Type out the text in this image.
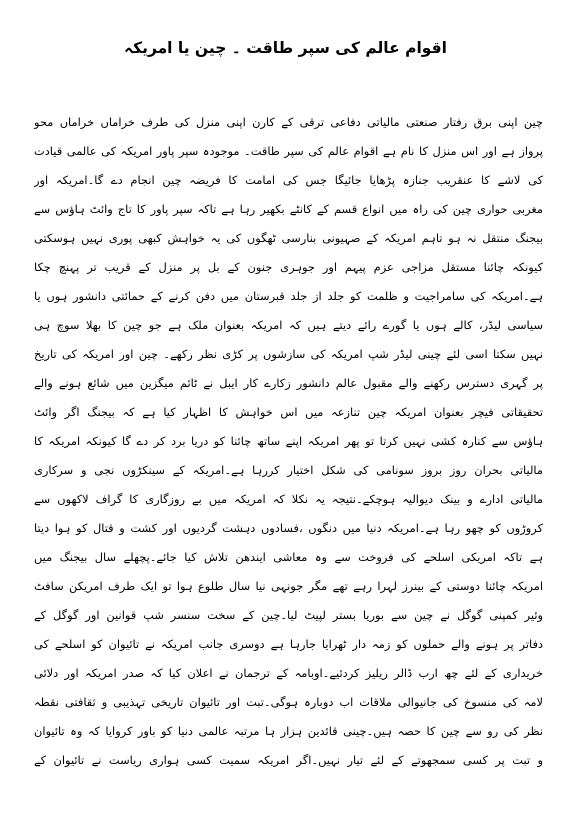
اقوام عالم کی سپر طاقت ۔ چین یا امریکہ
چین اپنی برق رفتار صنعتی مالیاتی دفاعی ترقی کے کارن اپنی منزل کی طرف خراماں خراماں محو
پرواز ہے اور اس منزل کا نام ہے اقوام عالم کی سپر طاقت۔ موجودہ سپر پاور امریکہ کی عالمی قیادت
کی لاشے کا عنقریب جنازہ پڑھایا جائیگا جس کی امامت کا فریضہ چین انجام دے گا۔امریکہ اور
مغربی حواری چین کی راہ میں انواع قسم کے کانٹے بکھیر رہا ہے تاکہ سپر پاور کا تاج وائٹ ہاؤس سے
بیجنگ منتقل نہ ہو تاہم امریکہ کے صہیونی بنارسی ٹھگوں کی یہ خواہش کبھی پوری نہیں ہوسکتی
کیونکہ چائنا مستقل مزاجی عزم پیہم اور جوہری جنون کے بل پر منزل کے قریب تر پہنچ چکا
ہے۔امریکہ کی سامراجیت و ظلمت کو جلد از جلد قبرستان میں دفن کرنے کے حمائتی دانشور ہوں یا
سیاسی لیڈر، کالے ہوں یا گورے رائے دیتے ہیں کہ امریکہ بعنوان ملک ہے جو چین کا بھلا سوچ ہی
نہیں سکتا اسی لئے چینی لیڈر شپ امریکہ کی سازشوں پر کڑی نظر رکھے۔ چین اور امریکہ کی تاریخ
پر گہری دسترس رکھنے والے مقبول عالم دانشور زکارے کار ایبل نے ٹائم میگزین میں شائع ہونے والے
تحقیقاتی فیچر بعنوان امریکہ چین تنازعہ میں اس خواہش کا اظہار کیا ہے کہ بیجنگ اگر وائٹ
ہاؤس سے کنارہ کشی نہیں کرتا تو پھر امریکہ اپنے ساتھ چائنا کو دریا برد کر دے گا کیونکہ امریکہ کا
مالیاتی بحران روز بروز سونامی کی شکل اختیار کررہا ہے۔امریکہ کے سینکڑوں نجی و سرکاری
مالیاتی ادارے و بینک دیوالیہ ہوچکے۔نتیجہ یہ نکلا کہ امریکہ میں بے روزگاری کا گراف لاکھوں سے
کروڑوں کو چھو رہا ہے۔امریکہ دنیا میں دنگوں ،فسادوں دہشت گردیوں اور کشت و قتال کو ہوا دیتا
ہے تاکہ امریکی اسلحے کی فروخت سے وہ معاشی ایندھن تلاش کیا جائے۔پچھلے سال بیجنگ میں
امریکہ چائنا دوستی کے بینرز لہرا رہے تھے مگر جونہی نیا سال طلوع ہوا تو ایک طرف امریکن سافٹ
وئیر کمپنی گوگل نے چین سے بوریا بستر لپیٹ لیا۔چین کے سخت سنسر شپ قوانین اور گوگل کے
دفاتر پر ہونے والے حملوں کو زمہ دار ٹھرایا جارہا ہے دوسری جانب امریکہ نے تائیوان کو اسلحے کی
خریداری کے لئے چھ ارب ڈالر ریلیز کردئیے۔اوبامہ کے ترجمان نے اعلان کیا کہ صدر امریکہ اور دلائی
لامہ کی منسوخ کی جانیوالی ملاقات اب دوبارہ ہوگی۔تبت اور تائیوان تاریخی تہذیبی و ثقافتی نقطہ
نظر کی رو سے چین کا حصہ ہیں۔چینی قائدین ہزار ہا مرتبہ عالمی دنیا کو باور کروایا کہ وہ تائیوان
و تبت پر کسی سمجھوتے کے لئے تیار نہیں۔اگر امریکہ سمیت کسی ہواری ریاست نے تائیوان کے
